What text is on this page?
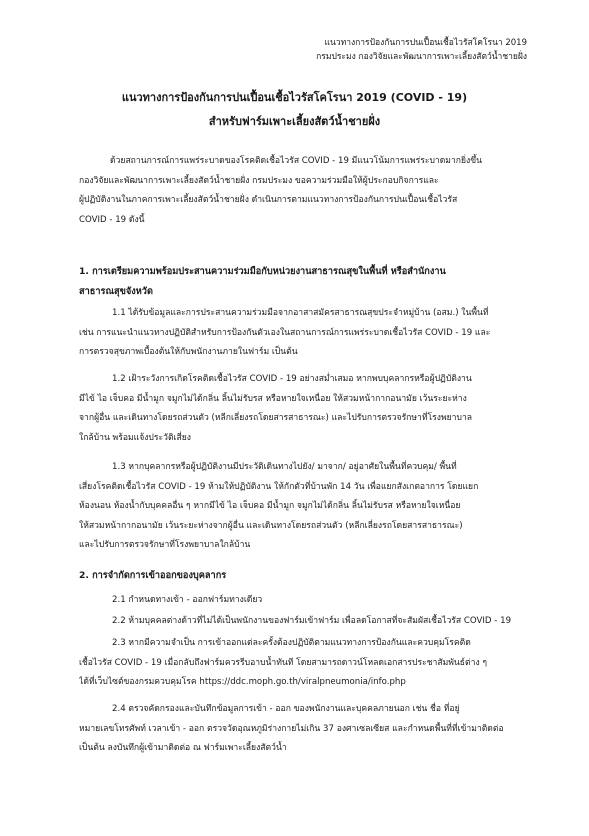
แนวทางการป้องกันการปนเปื้อนเชื้อไวรัสโคโรนา 2019
กรมประมง กองวิจัยและพัฒนาการเพาะเลี้ยงสัตว์น้ำชายฝั่ง
แนวทางการป้องกันการปนเปื้อนเชื้อไวรัสโคโรนา 2019 (COVID - 19)
สำหรับฟาร์มเพาะเลี้ยงสัตว์น้ำชายฝั่ง
ด้วยสถานการณ์การแพร่ระบาดของโรคติดเชื้อไวรัส COVID - 19 มีแนวโน้มการแพร่ระบาดมากยิ่งขึ้น
กองวิจัยและพัฒนาการเพาะเลี้ยงสัตว์น้ำชายฝั่ง กรมประมง ขอความร่วมมือให้ผู้ประกอบกิจการและ
ผู้ปฏิบัติงานในภาคการเพาะเลี้ยงสัตว์น้ำชายฝั่ง ดำเนินการตามแนวทางการป้องกันการปนเปื้อนเชื้อไวรัส
COVID - 19 ดังนี้
1. การเตรียมความพร้อมประสานความร่วมมือกับหน่วยงานสาธารณสุขในพื้นที่ หรือสำนักงาน
สาธารณสุขจังหวัด
1.1 ได้รับข้อมูลและการประสานความร่วมมือจากอาสาสมัครสาธารณสุขประจำหมู่บ้าน (อสม.) ในพื้นที่
เช่น การแนะนำแนวทางปฏิบัติสำหรับการป้องกันตัวเองในสถานการณ์การแพร่ระบาดเชื้อไวรัส COVID - 19 และ
การตรวจสุขภาพเบื้องต้นให้กับพนักงานภายในฟาร์ม เป็นต้น
1.2 เฝ้าระวังการเกิดโรคติดเชื้อไวรัส COVID - 19 อย่างสม่ำเสมอ หากพบบุคลากรหรือผู้ปฏิบัติงาน
มีไข้ ไอ เจ็บคอ มีน้ำมูก จมูกไม่ได้กลิ่น ลิ้นไม่รับรส หรือหายใจเหนื่อย ให้สวมหน้ากากอนามัย เว้นระยะห่าง
จากผู้อื่น และเดินทางโดยรถส่วนตัว (หลีกเลี่ยงรถโดยสารสาธารณะ) และไปรับการตรวจรักษาที่โรงพยาบาล
ใกล้บ้าน พร้อมแจ้งประวัติเสี่ยง
1.3 หากบุคลากรหรือผู้ปฏิบัติงานมีประวัติเดินทางไปยัง/ มาจาก/ อยู่อาศัยในพื้นที่ควบคุม/ พื้นที่
เสี่ยงโรคติดเชื้อไวรัส COVID - 19 ห้ามให้ปฏิบัติงาน ให้กักตัวที่บ้านพัก 14 วัน เพื่อแยกสังเกตอาการ โดยแยก
ห้องนอน ห้องน้ำกับบุคคลอื่น ๆ หากมีไข้ ไอ เจ็บคอ มีน้ำมูก จมูกไม่ได้กลิ่น ลิ้นไม่รับรส หรือหายใจเหนื่อย
ให้สวมหน้ากากอนามัย เว้นระยะห่างจากผู้อื่น และเดินทางโดยรถส่วนตัว (หลีกเลี่ยงรถโดยสารสาธารณะ)
และไปรับการตรวจรักษาที่โรงพยาบาลใกล้บ้าน
2. การจำกัดการเข้าออกของบุคลากร
2.1 กำหนดทางเข้า - ออกฟาร์มทางเดียว
2.2 ห้ามบุคคลต่างด้าวที่ไม่ได้เป็นพนักงานของฟาร์มเข้าฟาร์ม เพื่อลดโอกาสที่จะสัมผัสเชื้อไวรัส COVID - 19
2.3 หากมีความจำเป็น การเข้าออกแต่ละครั้งต้องปฏิบัติตามแนวทางการป้องกันและควบคุมโรคติด
เชื้อไวรัส COVID - 19 เมื่อกลับถึงฟาร์มควรรีบอาบน้ำทันที โดยสามารถดาวน์โหลดเอกสารประชาสัมพันธ์ต่าง ๆ
ได้ที่เว็บไซต์ของกรมควบคุมโรค https://ddc.moph.go.th/viralpneumonia/info.php
2.4 ตรวจคัดกรองและบันทึกข้อมูลการเข้า - ออก ของพนักงานและบุคคลภายนอก เช่น ชื่อ ที่อยู่
หมายเลขโทรศัพท์ เวลาเข้า - ออก ตรวจวัดอุณหภูมิร่างกายไม่เกิน 37 องศาเซลเซียส และกำหนดพื้นที่ที่เข้ามาติดต่อ
เป็นต้น ลงบันทึกผู้เข้ามาติดต่อ ณ ฟาร์มเพาะเลี้ยงสัตว์น้ำ
